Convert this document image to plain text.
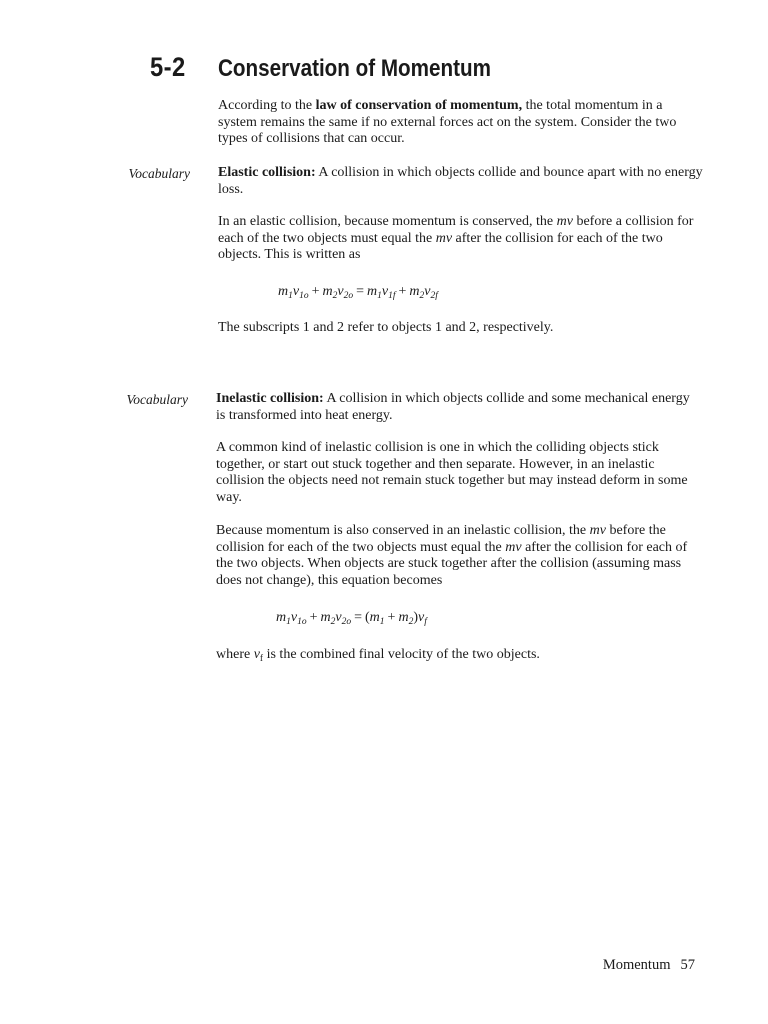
5-2 Conservation of Momentum

According to the law of conservation of momentum, the total momentum in a system remains the same if no external forces act on the system. Consider the two types of collisions that can occur.

Vocabulary Elastic collision: A collision in which objects collide and bounce apart with no energy loss.

In an elastic collision, because momentum is conserved, the mv before a collision for each of the two objects must equal the mv after the collision for each of the two objects. This is written as

$m_1v_{1o} + m_2v_{2o} = m_1v_{1f} + m_2v_{2f}$

The subscripts 1 and 2 refer to objects 1 and 2, respectively.

Vocabulary Inelastic collision: A collision in which objects collide and some mechanical energy is transformed into heat energy.

A common kind of inelastic collision is one in which the colliding objects stick together, or start out stuck together and then separate. However, in an inelastic collision the objects need not remain stuck together but may instead deform in some way.

Because momentum is also conserved in an inelastic collision, the mv before the collision for each of the two objects must equal the mv after the collision for each of the two objects. When objects are stuck together after the collision (assuming mass does not change), this equation becomes

$m_1v_{1o} + m_2v_{2o} = (m_1 + m_2)v_f$

where $v_f$ is the combined final velocity of the two objects.

Momentum 57
